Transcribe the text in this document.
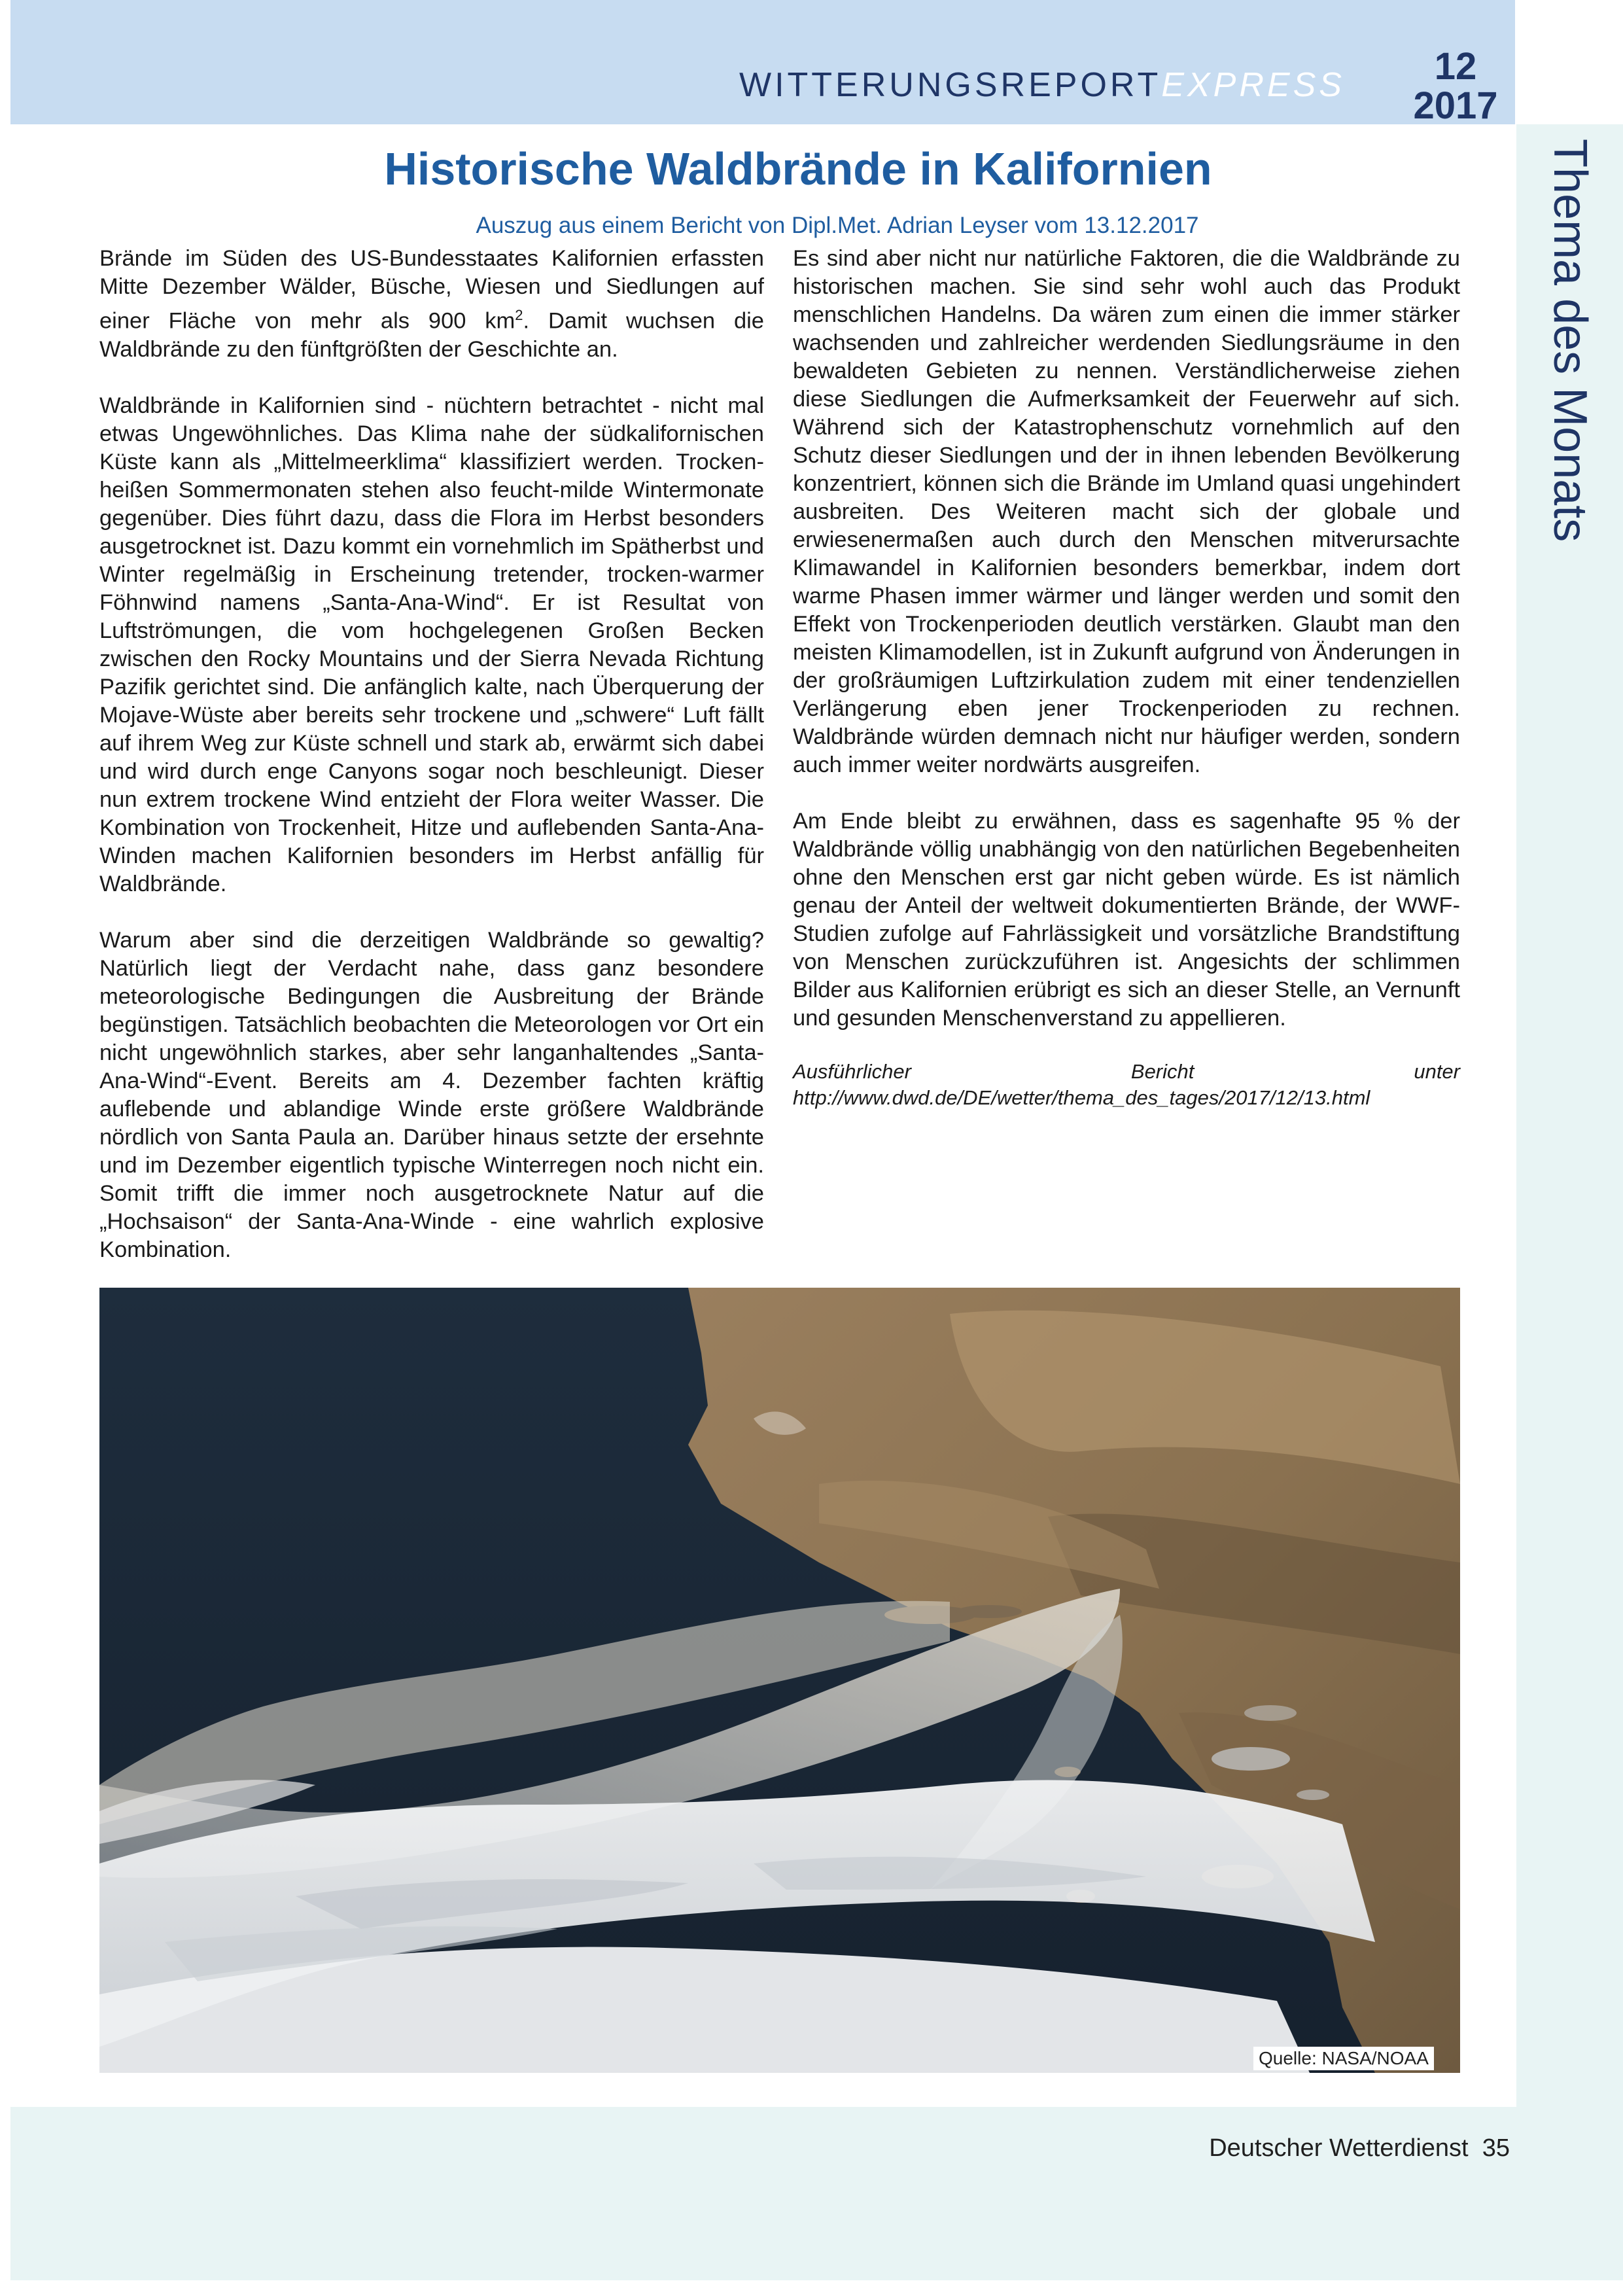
WITTERUNGSREPORTEXPRESS	12
2017
Thema des Monats
Historische Waldbrände in Kalifornien
Auszug aus einem Bericht von Dipl.Met. Adrian Leyser vom 13.12.2017

Brände im Süden des US-Bundesstaates Kalifornien erfassten Mitte Dezember Wälder, Büsche, Wiesen und Siedlungen auf einer Fläche von mehr als 900 $km^2$. Damit wuchsen die Waldbrände zu den fünftgrößten der Geschichte an.

Waldbrände in Kalifornien sind - nüchtern betrachtet - nicht mal etwas Ungewöhnliches. Das Klima nahe der südkalifornischen Küste kann als „Mittelmeerklima“ klassifiziert werden. Trocken-heißen Sommermonaten stehen also feucht-milde Wintermonate gegenüber. Dies führt dazu, dass die Flora im Herbst besonders ausgetrocknet ist. Dazu kommt ein vornehmlich im Spätherbst und Winter regelmäßig in Erscheinung tretender, trocken-warmer Föhnwind namens „Santa-Ana-Wind“. Er ist Resultat von Luftströmungen, die vom hochgelegenen Großen Becken zwischen den Rocky Mountains und der Sierra Nevada Richtung Pazifik gerichtet sind. Die anfänglich kalte, nach Überquerung der Mojave-Wüste aber bereits sehr trockene und „schwere“ Luft fällt auf ihrem Weg zur Küste schnell und stark ab, erwärmt sich dabei und wird durch enge Canyons sogar noch beschleunigt. Dieser nun extrem trockene Wind entzieht der Flora weiter Wasser. Die Kombination von Trockenheit, Hitze und auflebenden Santa-Ana-Winden machen Kalifornien besonders im Herbst anfällig für Waldbrände.

Warum aber sind die derzeitigen Waldbrände so gewaltig? Natürlich liegt der Verdacht nahe, dass ganz besondere meteorologische Bedingungen die Ausbreitung der Brände begünstigen. Tatsächlich beobachten die Meteorologen vor Ort ein nicht ungewöhnlich starkes, aber sehr langanhaltendes „Santa-Ana-Wind“-Event. Bereits am 4. Dezember fachten kräftig auflebende und ablandige Winde erste größere Waldbrände nördlich von Santa Paula an. Darüber hinaus setzte der ersehnte und im Dezember eigentlich typische Winterregen noch nicht ein. Somit trifft die immer noch ausgetrocknete Natur auf die „Hochsaison“ der Santa-Ana-Winde - eine wahrlich explosive Kombination.

Es sind aber nicht nur natürliche Faktoren, die die Waldbrände zu historischen machen. Sie sind sehr wohl auch das Produkt menschlichen Handelns. Da wären zum einen die immer stärker wachsenden und zahlreicher werdenden Siedlungsräume in den bewaldeten Gebieten zu nennen. Verständlicherweise ziehen diese Siedlungen die Aufmerksamkeit der Feuerwehr auf sich. Während sich der Katastrophenschutz vornehmlich auf den Schutz dieser Siedlungen und der in ihnen lebenden Bevölkerung konzentriert, können sich die Brände im Umland quasi ungehindert ausbreiten. Des Weiteren macht sich der globale und erwiesenermaßen auch durch den Menschen mitverursachte Klimawandel in Kalifornien besonders bemerkbar, indem dort warme Phasen immer wärmer und länger werden und somit den Effekt von Trockenperioden deutlich verstärken. Glaubt man den meisten Klimamodellen, ist in Zukunft aufgrund von Änderungen in der großräumigen Luftzirkulation zudem mit einer tendenziellen Verlängerung eben jener Trockenperioden zu rechnen. Waldbrände würden demnach nicht nur häufiger werden, sondern auch immer weiter nordwärts ausgreifen.

Am Ende bleibt zu erwähnen, dass es sagenhafte 95 % der Waldbrände völlig unabhängig von den natürlichen Begebenheiten ohne den Menschen erst gar nicht geben würde. Es ist nämlich genau der Anteil der weltweit dokumentierten Brände, der WWF-Studien zufolge auf Fahrlässigkeit und vorsätzliche Brandstiftung von Menschen zurückzuführen ist. Angesichts der schlimmen Bilder aus Kalifornien erübrigt es sich an dieser Stelle, an Vernunft und gesunden Menschenverstand zu appellieren.

Ausführlicher Bericht unter http://www.dwd.de/DE/wetter/thema_des_tages/2017/12/13.html

Quelle: NASA/NOAA
Deutscher Wetterdienst 35
